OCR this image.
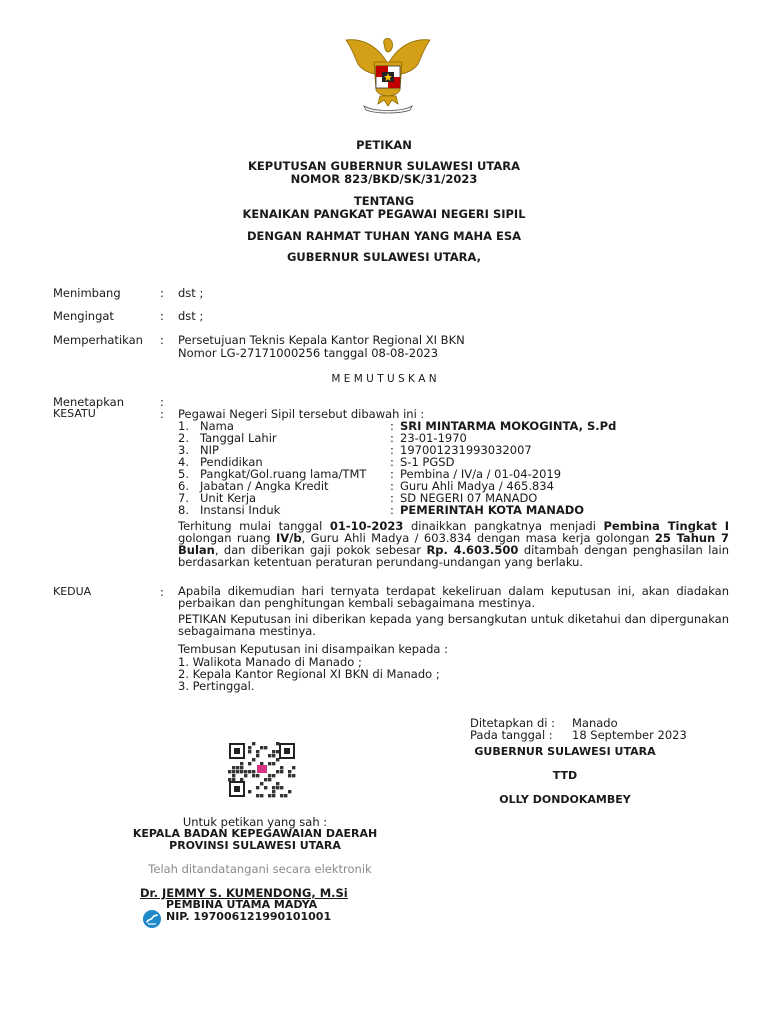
PETIKAN
KEPUTUSAN GUBERNUR SULAWESI UTARA
NOMOR 823/BKD/SK/31/2023
TENTANG
KENAIKAN PANGKAT PEGAWAI NEGERI SIPIL
DENGAN RAHMAT TUHAN YANG MAHA ESA
GUBERNUR SULAWESI UTARA,
Menimbang	: dst ;
Mengingat	: dst ;
Memperhatikan : Persetujuan Teknis Kepala Kantor Regional XI BKN
Nomor LG-27171000256 tanggal 08-08-2023
M E M U T U S K A N
Menetapkan	:
KESATU	: Pegawai Negeri Sipil tersebut dibawah ini :
1. Nama	: SRI MINTARMA MOKOGINTA, S.Pd
2. Tanggal Lahir	: 23-01-1970
3. NIP	: 197001231993032007
4. Pendidikan	: S-1 PGSD
5. Pangkat/Gol.ruang lama/TMT : Pembina / IV/a / 01-04-2019
6. Jabatan / Angka Kredit	: Guru Ahli Madya / 465.834
7. Unit Kerja	: SD NEGERI 07 MANADO
8. Instansi Induk	: PEMERINTAH KOTA MANADO
Terhitung mulai tanggal 01-10-2023 dinaikkan pangkatnya menjadi Pembina Tingkat I golongan ruang IV/b, Guru Ahli Madya / 603.834 dengan masa kerja golongan 25 Tahun 7 Bulan, dan diberikan gaji pokok sebesar Rp. 4.603.500 ditambah dengan penghasilan lain berdasarkan ketentuan peraturan perundang-undangan yang berlaku.
KEDUA	: Apabila dikemudian hari ternyata terdapat kekeliruan dalam keputusan ini, akan diadakan perbaikan dan penghitungan kembali sebagaimana mestinya.
PETIKAN Keputusan ini diberikan kepada yang bersangkutan untuk diketahui dan dipergunakan sebagaimana mestinya.
Tembusan Keputusan ini disampaikan kepada :
1. Walikota Manado di Manado ;
2. Kepala Kantor Regional XI BKN di Manado ;
3. Pertinggal.
Ditetapkan di : Manado
Pada tanggal : 18 September 2023
GUBERNUR SULAWESI UTARA
TTD
OLLY DONDOKAMBEY
Untuk petikan yang sah :
KEPALA BADAN KEPEGAWAIAN DAERAH
PROVINSI SULAWESI UTARA
Telah ditandatangani secara elektronik
Dr. JEMMY S. KUMENDONG, M.Si
PEMBINA UTAMA MADYA
NIP. 197006121990101001
